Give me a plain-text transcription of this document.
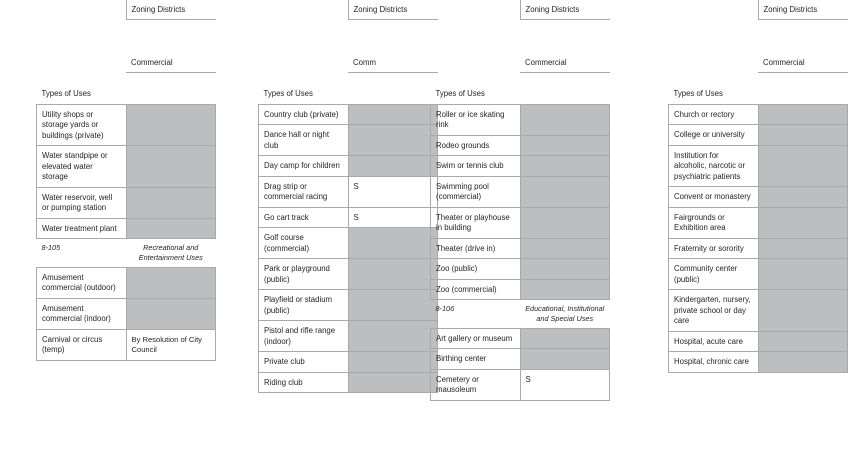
	Zoning Districts
	Commercial
Types of Uses	
Utility shops or storage yards or buildings (private)	
Water standpipe or elevated water storage	
Water reservoir, well or pumping station	
Water treatment plant	
8-105	Recreational and Entertainment Uses
Amusement commercial (outdoor)	
Amusement commercial (indoor)	
Carnival or circus (temp)	By Resolution of City Council
	Zoning Districts
	Comm
Types of Uses	
Country club (private)	
Dance hall or night club	
Day camp for children	
Drag strip or commercial racing	S
Go cart track	S
Golf course (commercial)	
Park or playground (public)	
Playfield or stadium (public)	
Pistol and rifle range (indoor)	
Private club	
Riding club	
	Zoning Districts
	Commercial
Types of Uses	
Roller or ice skating rink	
Rodeo grounds	
Swim or tennis club	
Swimming pool (commercial)	
Theater or playhouse in building	
Theater (drive in)	
Zoo (public)	
Zoo (commercial)	
8-106	Educational, Institutional and Special Uses
Art gallery or museum	
Birthing center	
Cemetery or mausoleum	S
	Zoning Districts
	Commercial
Types of Uses	
Church or rectory	
College or university	
Institution for alcoholic, narcotic or psychiatric patients	
Convent or monastery	
Fairgrounds or Exhibition area	
Fraternity or sorority	
Community center (public)	
Kindergarten, nursery, private school or day care	
Hospital, acute care	
Hospital, chronic care	
